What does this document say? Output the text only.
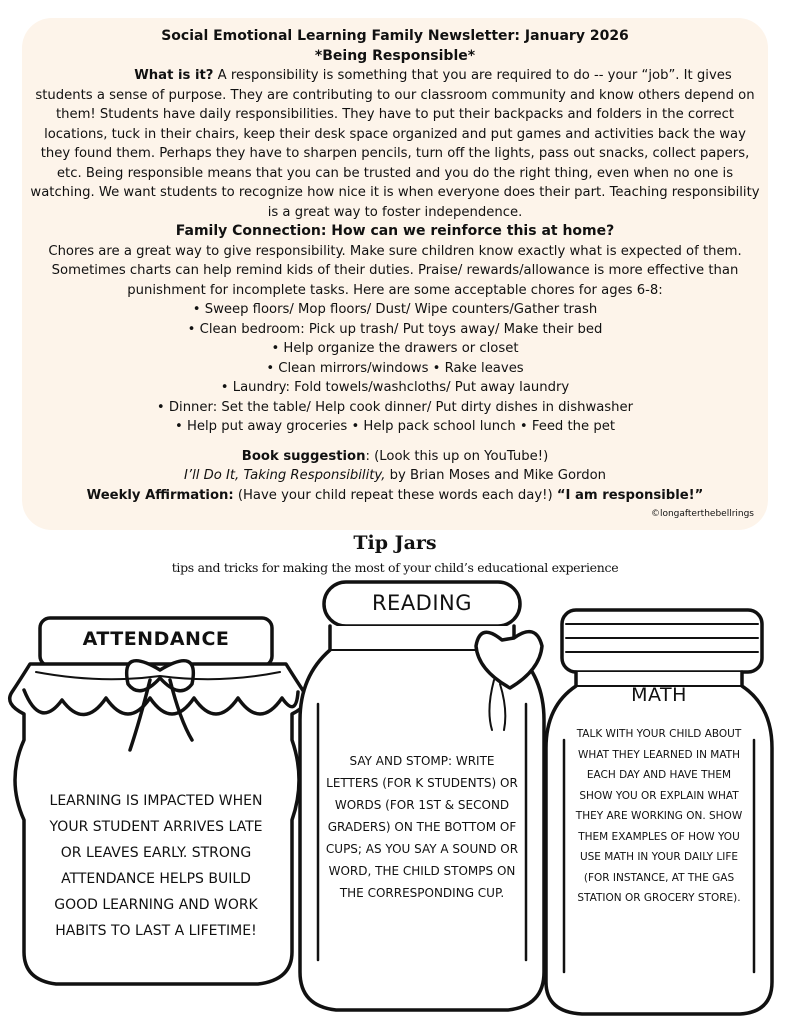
Social Emotional Learning Family Newsletter: January 2026

*Being Responsible*

What is it? A responsibility is something that you are required to do -- your “job”. It gives students a sense of purpose. They are contributing to our classroom community and know others depend on them! Students have daily responsibilities. They have to put their backpacks and folders in the correct locations, tuck in their chairs, keep their desk space organized and put games and activities back the way they found them. Perhaps they have to sharpen pencils, turn off the lights, pass out snacks, collect papers, etc. Being responsible means that you can be trusted and you do the right thing, even when no one is watching. We want students to recognize how nice it is when everyone does their part. Teaching responsibility is a great way to foster independence.

Family Connection: How can we reinforce this at home?

Chores are a great way to give responsibility. Make sure children know exactly what is expected of them. Sometimes charts can help remind kids of their duties. Praise/ rewards/allowance is more effective than punishment for incomplete tasks. Here are some acceptable chores for ages 6-8:

• Sweep floors/ Mop floors/ Dust/ Wipe counters/Gather trash

• Clean bedroom: Pick up trash/ Put toys away/ Make their bed

• Help organize the drawers or closet

• Clean mirrors/windows • Rake leaves

• Laundry: Fold towels/washcloths/ Put away laundry

• Dinner: Set the table/ Help cook dinner/ Put dirty dishes in dishwasher

• Help put away groceries • Help pack school lunch • Feed the pet

Book suggestion: (Look this up on YouTube!)

I’ll Do It, Taking Responsibility, by Brian Moses and Mike Gordon

Weekly Affirmation: (Have your child repeat these words each day!) “I am responsible!”

©longafterthebellrings
Tip Jars
tips and tricks for making the most of your child’s educational experience
ATTENDANCE
LEARNING IS IMPACTED WHEN YOUR STUDENT ARRIVES LATE OR LEAVES EARLY. STRONG ATTENDANCE HELPS BUILD GOOD LEARNING AND WORK HABITS TO LAST A LIFETIME!
READING
SAY AND STOMP: WRITE LETTERS (FOR K STUDENTS) OR WORDS (FOR 1ST & SECOND GRADERS) ON THE BOTTOM OF CUPS; AS YOU SAY A SOUND OR WORD, THE CHILD STOMPS ON THE CORRESPONDING CUP.
MATH
TALK WITH YOUR CHILD ABOUT WHAT THEY LEARNED IN MATH EACH DAY AND HAVE THEM SHOW YOU OR EXPLAIN WHAT THEY ARE WORKING ON. SHOW THEM EXAMPLES OF HOW YOU USE MATH IN YOUR DAILY LIFE (FOR INSTANCE, AT THE GAS STATION OR GROCERY STORE).
